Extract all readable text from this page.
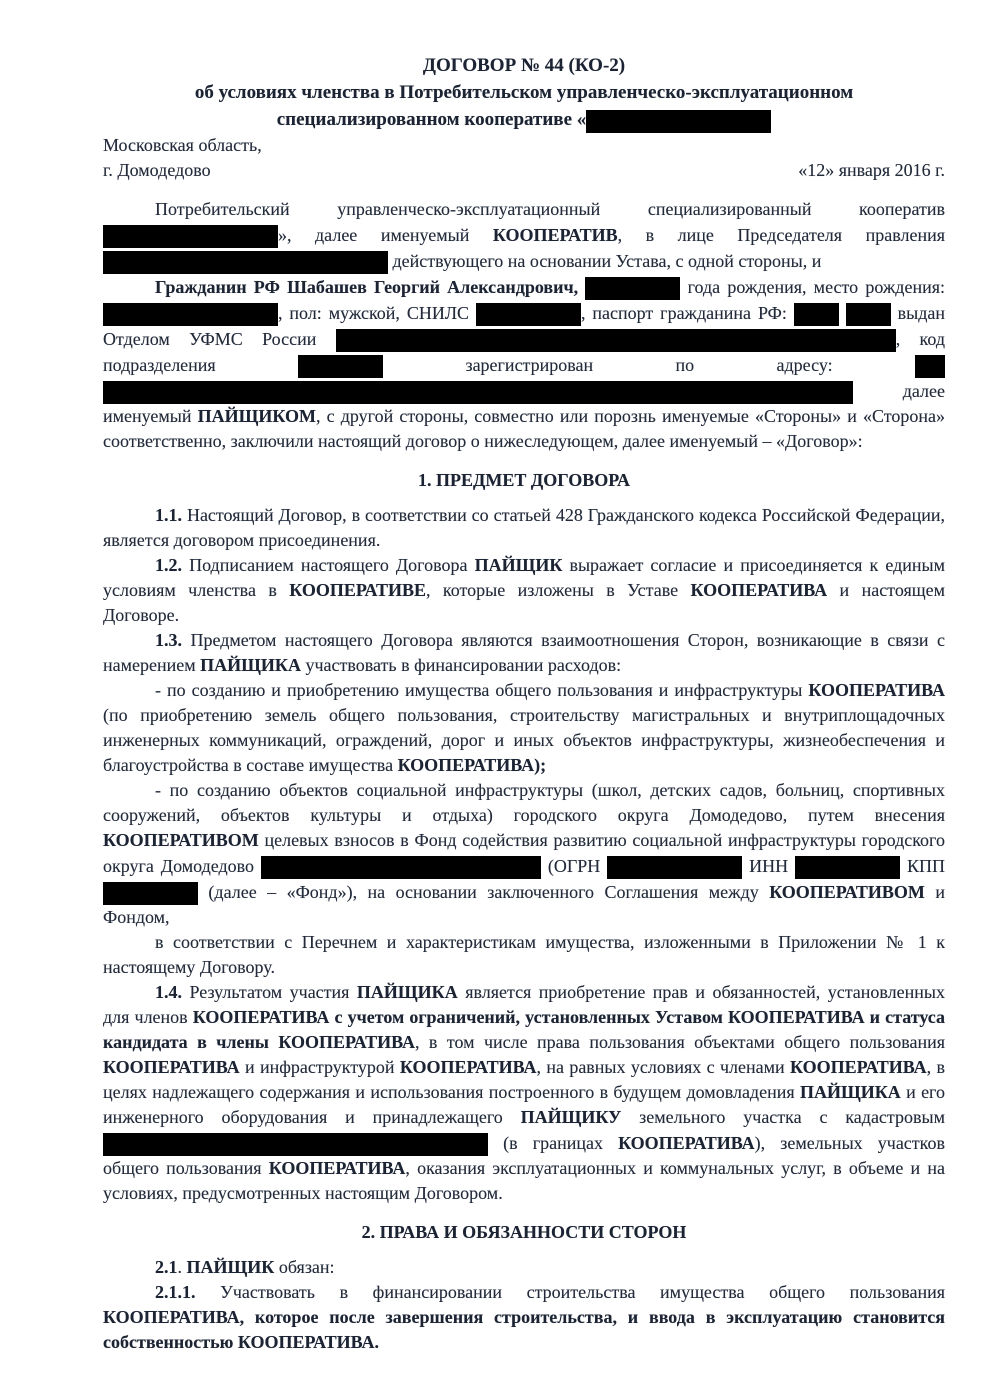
ДОГОВОР № 44 (КО-2)

об условиях членства в Потребительском управленческо-эксплуатационном

специализированном кооперативе «

Московская область,
г. Домодедово	«12» января 2016 г.

Потребительский управленческо-эксплуатационный специализированный кооператив », далее именуемый КООПЕРАТИВ, в лице Председателя правления  действующего на основании Устава, с одной стороны, и

Гражданин РФ Шабашев Георгий Александрович,	года рождения, место рождения: , пол: мужской, СНИЛС	, паспорт гражданина РФ:	выдан Отделом УФМС России	, код подразделения	зарегистрирован по адресу:   далее именуемый ПАЙЩИКОМ, с другой стороны, совместно или порознь именуемые «Стороны» и «Сторона» соответственно, заключили настоящий договор о нижеследующем, далее именуемый – «Договор»:

1. ПРЕДМЕТ ДОГОВОРА

1.1. Настоящий Договор, в соответствии со статьей 428 Гражданского кодекса Российской Федерации, является договором присоединения.

1.2. Подписанием настоящего Договора ПАЙЩИК выражает согласие и присоединяется к единым условиям членства в КООПЕРАТИВЕ, которые изложены в Уставе КООПЕРАТИВА и настоящем Договоре.

1.3. Предметом настоящего Договора являются взаимоотношения Сторон, возникающие в связи с намерением ПАЙЩИКА участвовать в финансировании расходов:

- по созданию и приобретению имущества общего пользования и инфраструктуры КООПЕРАТИВА (по приобретению земель общего пользования, строительству магистральных и внутриплощадочных инженерных коммуникаций, ограждений, дорог и иных объектов инфраструктуры, жизнеобеспечения и благоустройства в составе имущества КООПЕРАТИВА);

- по созданию объектов социальной инфраструктуры (школ, детских садов, больниц, спортивных сооружений, объектов культуры и отдыха) городского округа Домодедово, путем внесения КООПЕРАТИВОМ целевых взносов в Фонд содействия развитию социальной инфраструктуры городского округа Домодедово	(ОГРН	ИНН	КПП  (далее – «Фонд»), на основании заключенного Соглашения между КООПЕРАТИВОМ и Фондом,

в соответствии с Перечнем и характеристикам имущества, изложенными в Приложении № 1 к настоящему Договору.

1.4. Результатом участия ПАЙЩИКА является приобретение прав и обязанностей, установленных для членов КООПЕРАТИВА с учетом ограничений, установленных Уставом КООПЕРАТИВА и статуса кандидата в члены КООПЕРАТИВА, в том числе права пользования объектами общего пользования КООПЕРАТИВА и инфраструктурой КООПЕРАТИВА, на равных условиях с членами КООПЕРАТИВА, в целях надлежащего содержания и использования построенного в будущем домовладения ПАЙЩИКА и его инженерного оборудования и принадлежащего ПАЙЩИКУ земельного участка с кадастровым  (в границах КООПЕРАТИВА), земельных участков общего пользования КООПЕРАТИВА, оказания эксплуатационных и коммунальных услуг, в объеме и на условиях, предусмотренных настоящим Договором.

2. ПРАВА И ОБЯЗАННОСТИ СТОРОН

2.1. ПАЙЩИК обязан:

2.1.1. Участвовать в финансировании строительства имущества общего пользования КООПЕРАТИВА, которое после завершения строительства, и ввода в эксплуатацию становится собственностью КООПЕРАТИВА.
